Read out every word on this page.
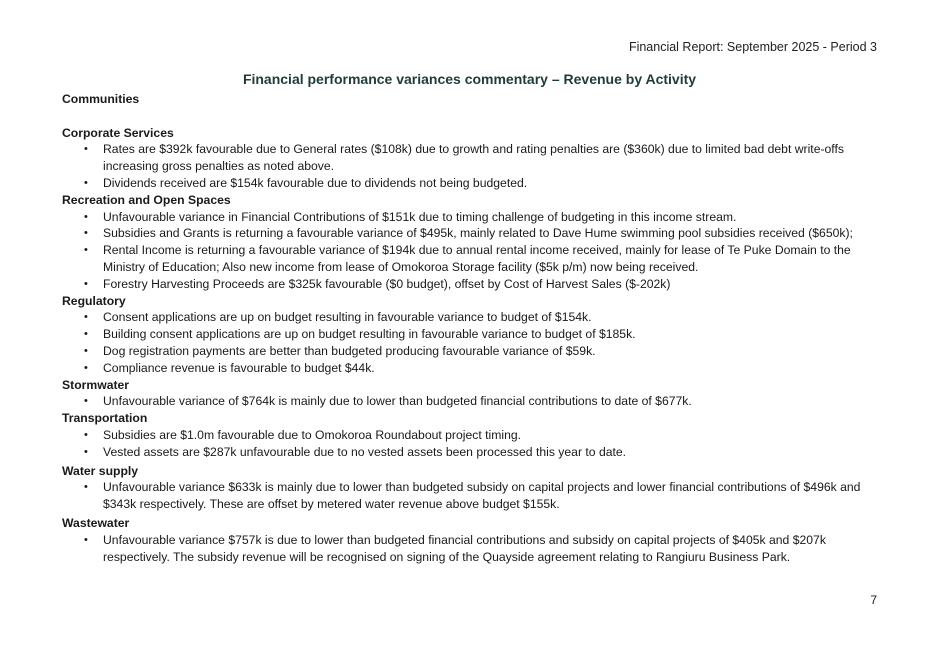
Financial Report: September 2025 - Period 3
Financial performance variances commentary – Revenue by Activity
Communities
Corporate Services
• Rates are $392k favourable due to General rates ($108k) due to growth and rating penalties are ($360k) due to limited bad debt write-offs increasing gross penalties as noted above.
• Dividends received are $154k favourable due to dividends not being budgeted.
Recreation and Open Spaces
• Unfavourable variance in Financial Contributions of $151k due to timing challenge of budgeting in this income stream.
• Subsidies and Grants is returning a favourable variance of $495k, mainly related to Dave Hume swimming pool subsidies received ($650k);
• Rental Income is returning a favourable variance of $194k due to annual rental income received, mainly for lease of Te Puke Domain to the Ministry of Education; Also new income from lease of Omokoroa Storage facility ($5k p/m) now being received.
• Forestry Harvesting Proceeds are $325k favourable ($0 budget), offset by Cost of Harvest Sales ($-202k)
Regulatory
• Consent applications are up on budget resulting in favourable variance to budget of $154k.
• Building consent applications are up on budget resulting in favourable variance to budget of $185k.
• Dog registration payments are better than budgeted producing favourable variance of $59k.
• Compliance revenue is favourable to budget $44k.
Stormwater
• Unfavourable variance of $764k is mainly due to lower than budgeted financial contributions to date of $677k.
Transportation
• Subsidies are $1.0m favourable due to Omokoroa Roundabout project timing.
• Vested assets are $287k unfavourable due to no vested assets been processed this year to date.
Water supply
• Unfavourable variance $633k is mainly due to lower than budgeted subsidy on capital projects and lower financial contributions of $496k and $343k respectively. These are offset by metered water revenue above budget $155k.
Wastewater
• Unfavourable variance $757k is due to lower than budgeted financial contributions and subsidy on capital projects of $405k and $207k respectively. The subsidy revenue will be recognised on signing of the Quayside agreement relating to Rangiuru Business Park.
7
